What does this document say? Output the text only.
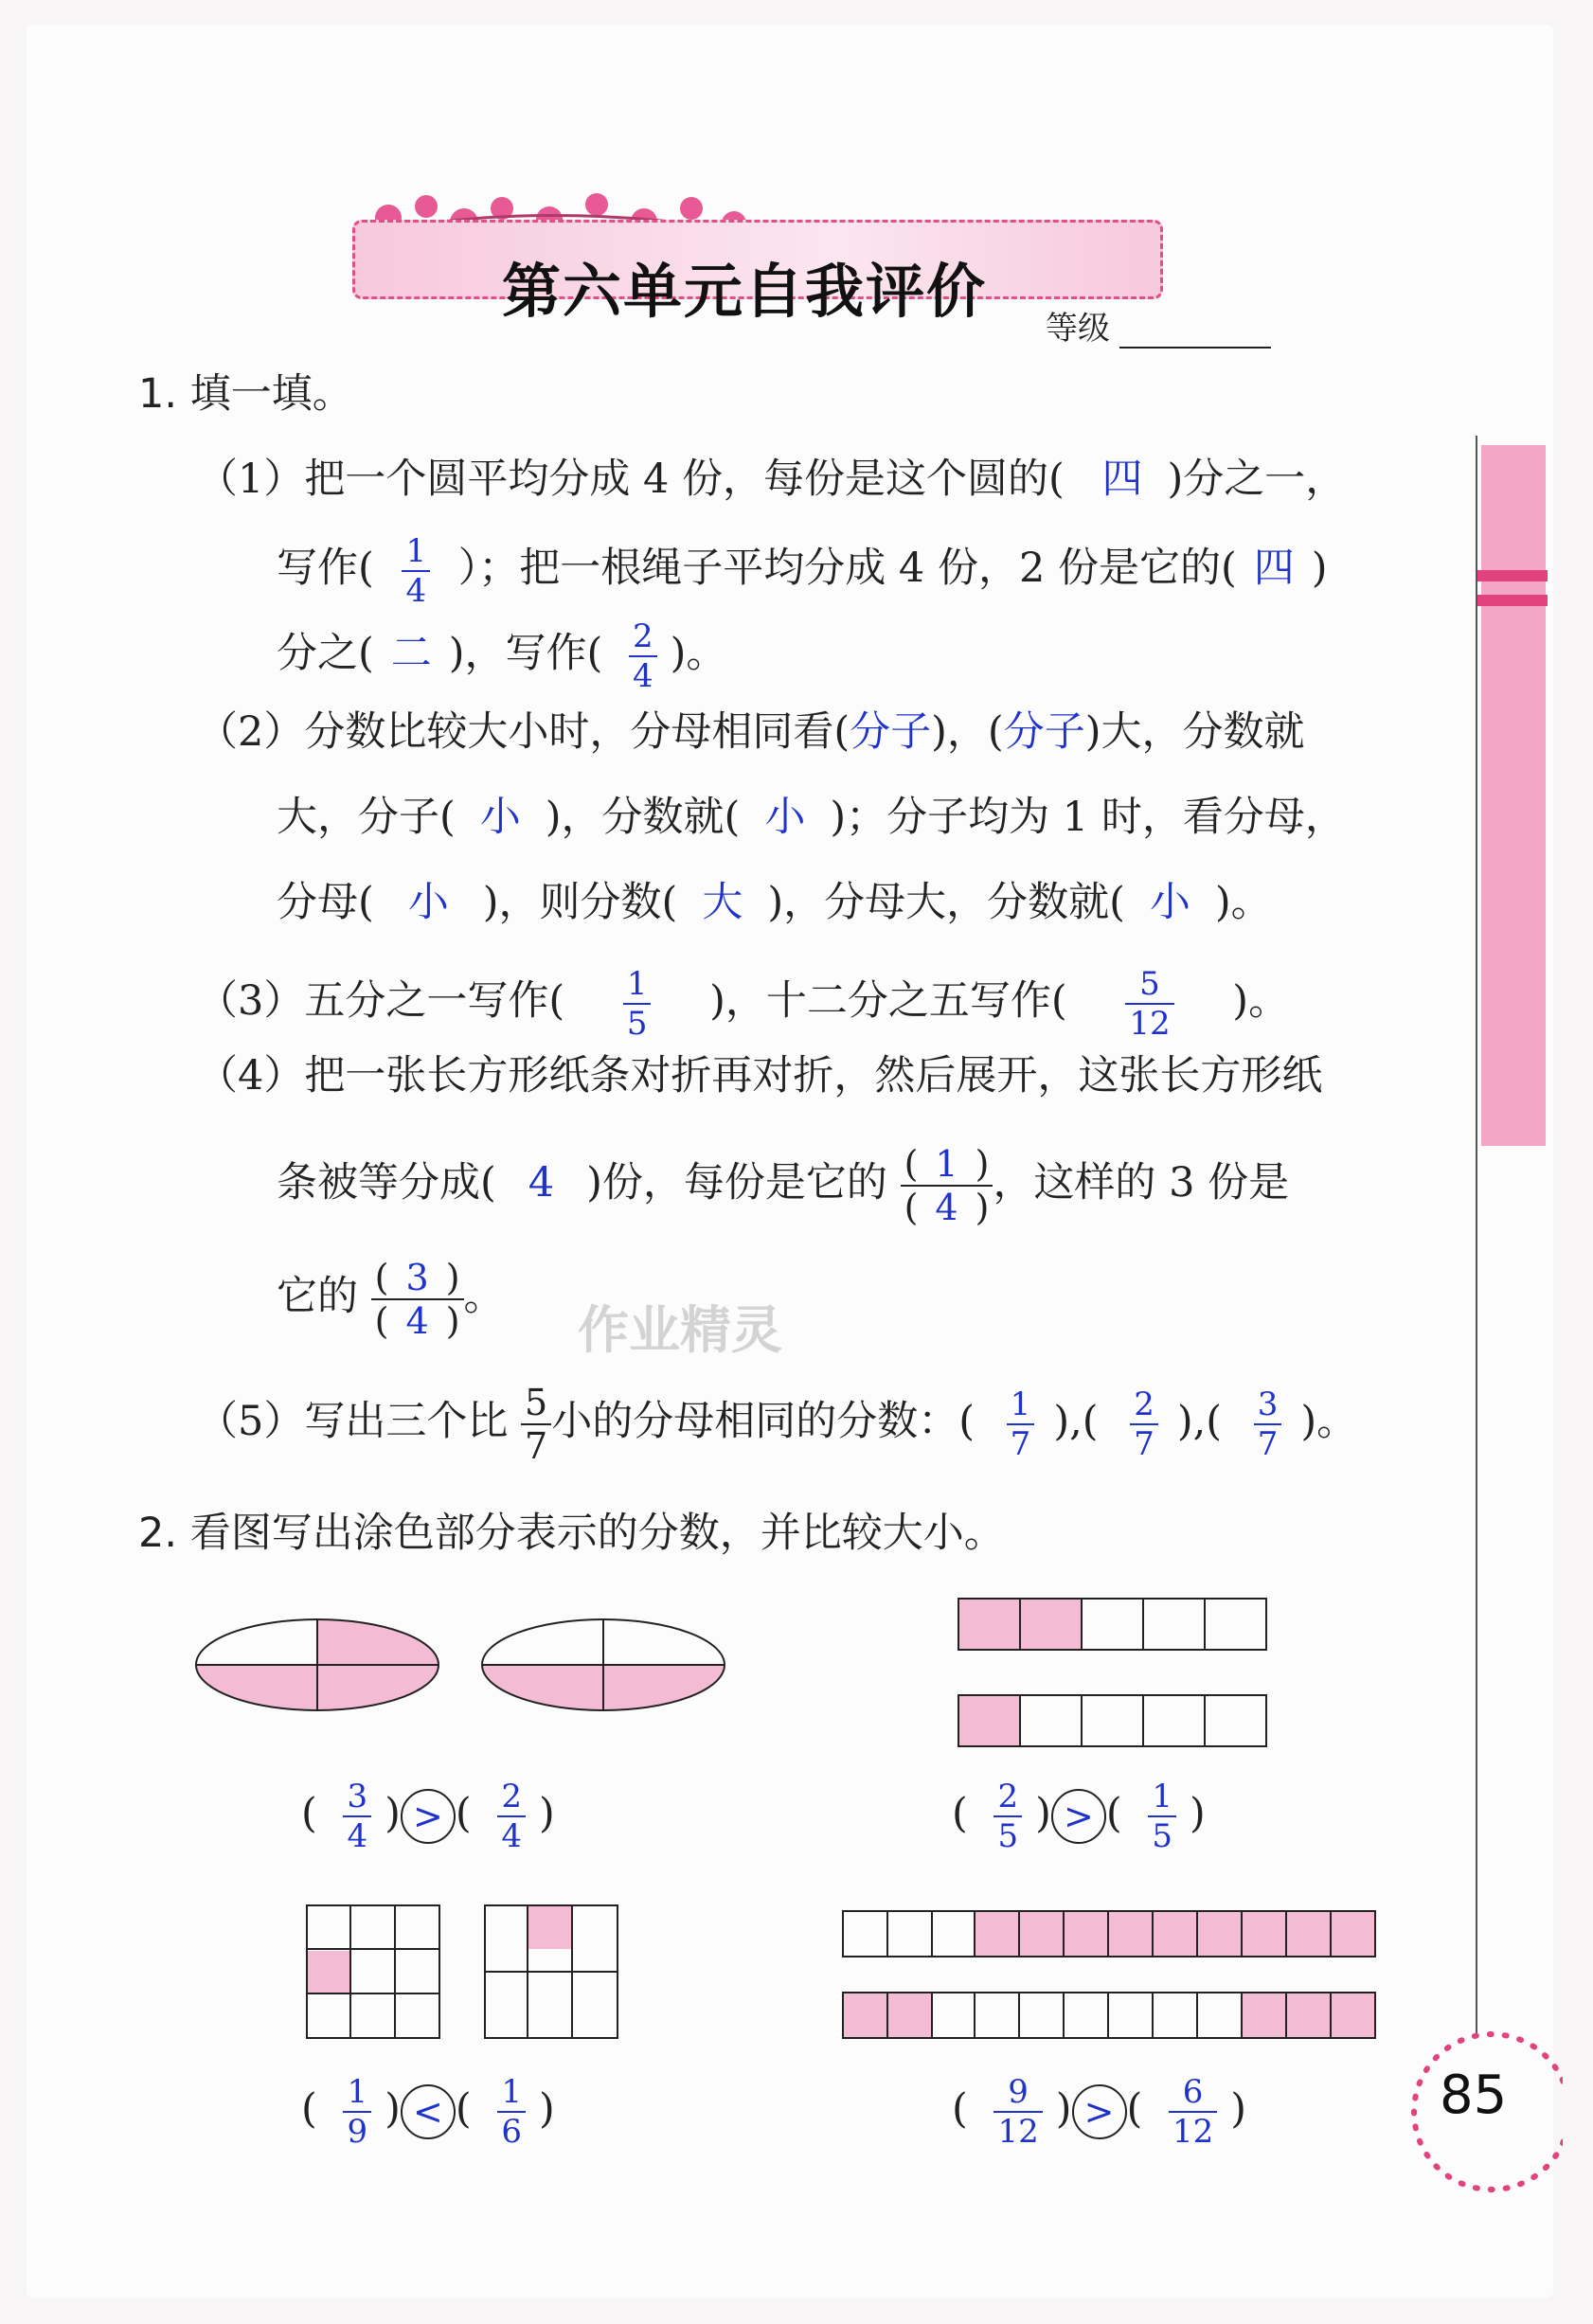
第六单元自我评价
等级
1. 填一填。
（1）把一个圆平均分成 4 份，每份是这个圆的( 四 )分之一，
写作( $\frac{1}{4}$ ）；把一根绳子平均分成 4 份，2 份是它的( 四 )
分之( 二 )，写作( $\frac{2}{4}$ )。
（2）分数比较大小时，分母相同看(分子)，(分子)大，分数就
大，分子( 小 )，分数就( 小 )；分子均为 1 时，看分母，
分母( 小 )，则分数( 大 )，分母大，分数就( 小 )。
（3）五分之一写作( $\frac{1}{5}$ )，十二分之五写作( $\frac{5}{12}$ )。
（4）把一张长方形纸条对折再对折，然后展开，这张长方形纸
条被等分成( 4 )份，每份是它的 $\frac{( 1 )}{( 4 )}$ ，这样的 3 份是
它的 $\frac{( 3 )}{( 4 )}$ 。
作业精灵
（5）写出三个比 $\frac{5}{7}$ 小的分母相同的分数：( $\frac{1}{7}$ ),( $\frac{2}{7}$ ),( $\frac{3}{7}$ )。
2. 看图写出涂色部分表示的分数，并比较大小。
( $\frac{3}{4}$ ) > ( $\frac{2}{4}$ )	( $\frac{2}{5}$ ) > ( $\frac{1}{5}$ )
( $\frac{1}{9}$ ) < ( $\frac{1}{6}$ )	( $\frac{9}{12}$ ) > ( $\frac{6}{12}$ )	85
